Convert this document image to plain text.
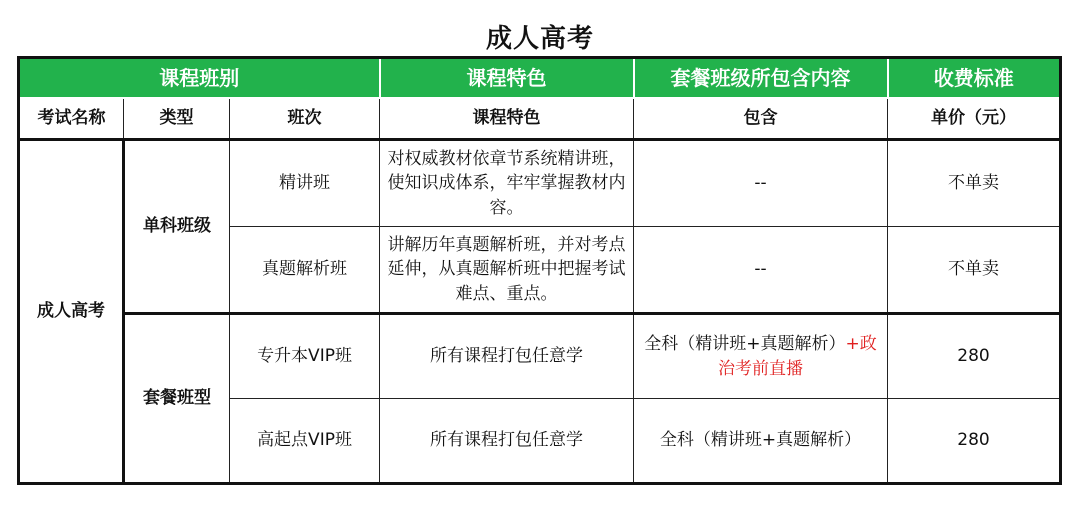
成人高考
课程班别			课程特色	套餐班级所包含内容	收费标准
考试名称	类型	班次	课程特色	包含	单价（元）
成人高考	单科班级	精讲班	对权威教材依章节系统精讲班，使知识成体系，牢牢掌握教材内容。	--	不单卖
		真题解析班	讲解历年真题解析班，并对考点延伸，从真题解析班中把握考试难点、重点。	--	不单卖
	套餐班型	专升本VIP班	所有课程打包任意学	全科（精讲班+真题解析）+政治考前直播	280
		高起点VIP班	所有课程打包任意学	全科（精讲班+真题解析）	280
